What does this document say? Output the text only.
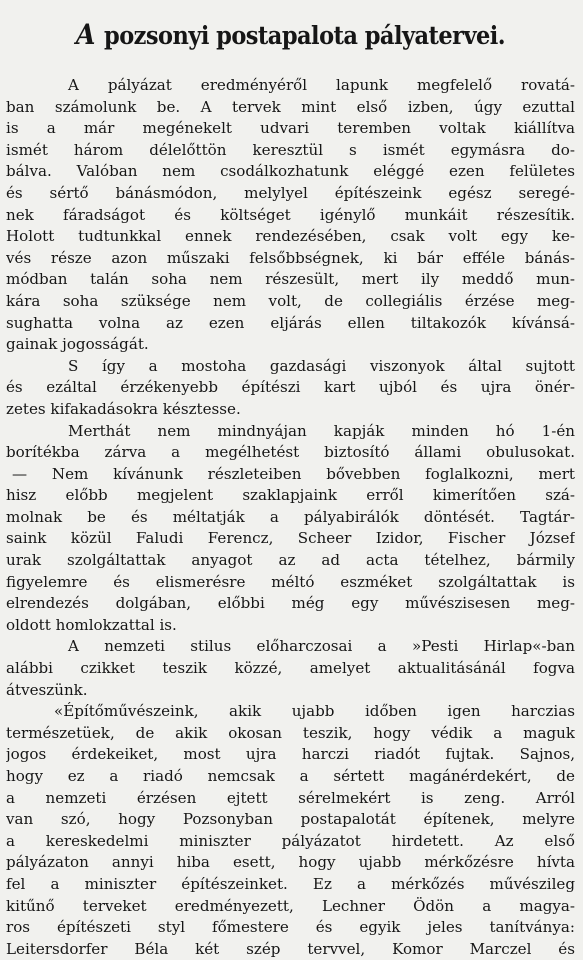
A pozsonyi postapalota pályatervei.
A pályázat eredményéről lapunk megfelelő rovatá-
ban számolunk be. A tervek mint első izben, úgy ezuttal
is a már megénekelt udvari teremben voltak kiállítva
ismét három délelőttön keresztül s ismét egymásra do-
bálva. Valóban nem csodálkozhatunk eléggé ezen felületes
és sértő bánásmódon, melylyel építészeink egész seregé-
nek fáradságot és költséget igénylő munkáit részesítik.
Holott tudtunkkal ennek rendezésében, csak volt egy ke-
vés része azon műszaki felsőbbségnek, ki bár efféle bánás-
módban talán soha nem részesült, mert ily meddő mun-
kára soha szüksége nem volt, de collegiális érzése meg-
sughatta volna az ezen eljárás ellen tiltakozók kívánsá-
gainak jogosságát.
S így a mostoha gazdasági viszonyok által sujtott
és ezáltal érzékenyebb építészi kart ujból és ujra önér-
zetes kifakadásokra késztesse.
Merthát nem mindnyájan kapják minden hó 1-én
borítékba zárva a megélhetést biztosító állami obulusokat.
— Nem kívánunk részleteiben bővebben foglalkozni, mert
hisz előbb megjelent szaklapjaink erről kimerítően szá-
molnak be és méltatják a pályabirálók döntését. Tagtár-
saink közül Faludi Ferencz, Scheer Izidor, Fischer József
urak szolgáltattak anyagot az ad acta tételhez, bármily
figyelemre és elismerésre méltó eszméket szolgáltattak is
elrendezés dolgában, előbbi még egy művészisesen meg-
oldott homlokzattal is.
A nemzeti stilus előharczosai a »Pesti Hirlap«-ban
alábbi czikket teszik közzé, amelyet aktualitásánál fogva
átveszünk.
«Építőművészeink, akik ujabb időben igen harczias
természetüek, de akik okosan teszik, hogy védik a maguk
jogos érdekeiket, most ujra harczi riadót fujtak. Sajnos,
hogy ez a riadó nemcsak a sértett magánérdekért, de
a nemzeti érzésen ejtett sérelmekért is zeng. Arról
van szó, hogy Pozsonyban postapalotát építenek, melyre
a kereskedelmi miniszter pályázatot hirdetett. Az első
pályázaton annyi hiba esett, hogy ujabb mérkőzésre hívta
fel a miniszter építészeinket. Ez a mérkőzés művészileg
kitűnő terveket eredményezett, Lechner Ödön a magya-
ros építészeti styl főmestere és egyik jeles tanítványa:
Leitersdorfer Béla két szép tervvel, Komor Marczel és
